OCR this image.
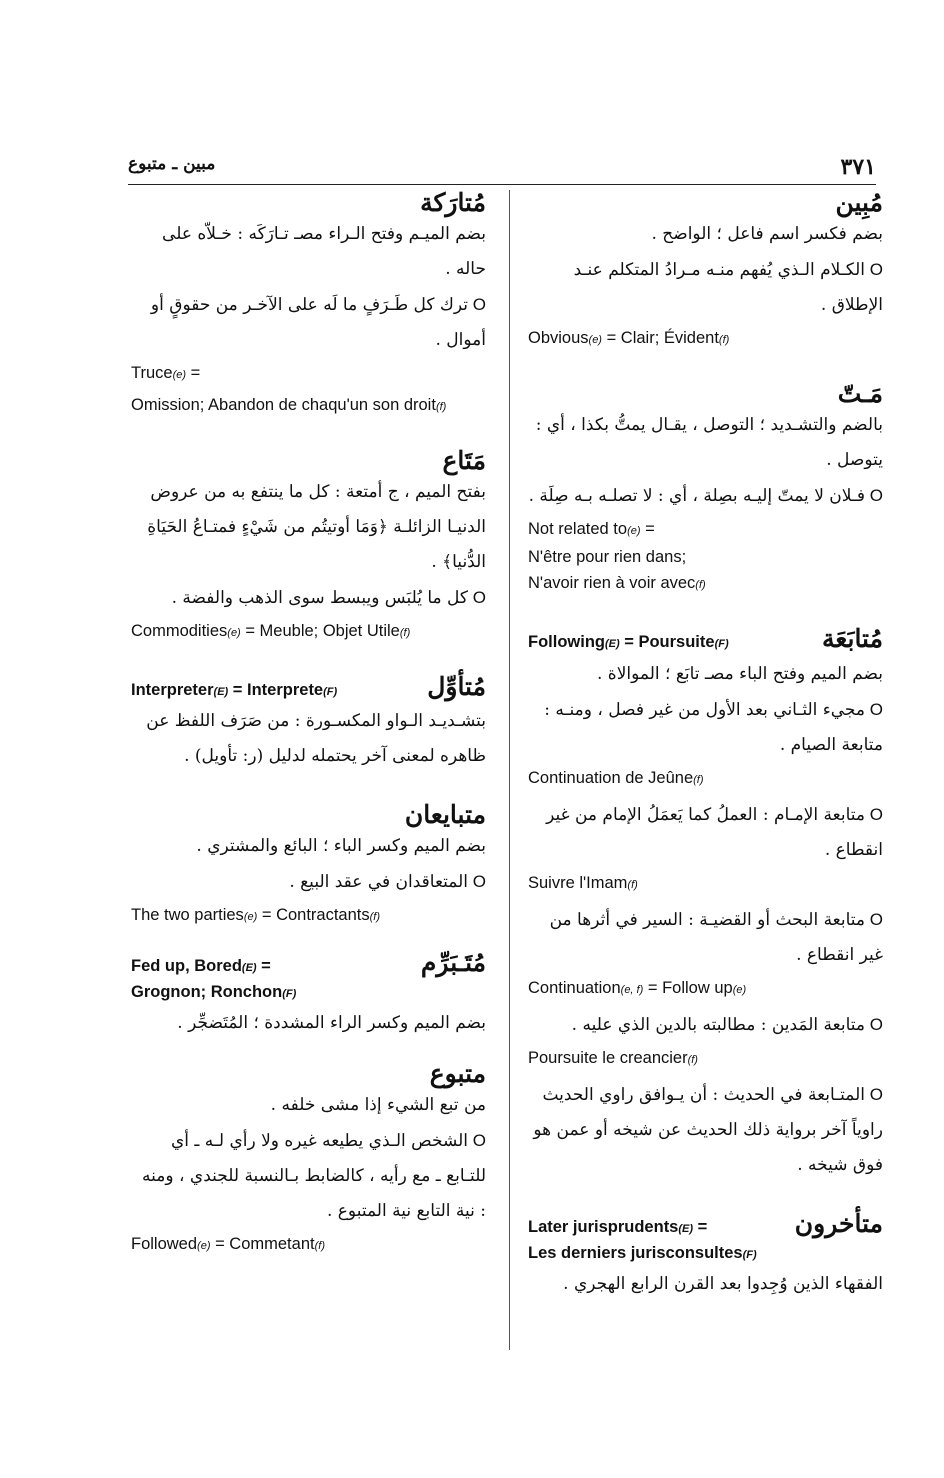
٣٧١
مبين ـ متبوع
مُبِين
بضم فكسر اسم فاعل ؛ الواضح .
O الكـلام الـذي يُفهم منـه مـرادُ المتكلم عنـد الإطلاق .
Obvious(e) = Clair; Évident(f)
مَـتّ
بالضم والتشـديد ؛ التوصل ، يقـال يمتُّ بكذا ، أي : يتوصل .
O فـلان لا يمتّ إليـه بصِلة ، أي : لا تصلـه بـه صِلَة .
Not related to(e) =
N'être pour rien dans;
N'avoir rien à voir avec(f)
مُتابَعَة
Following(E) = Poursuite(F)
بضم الميم وفتح الباء مصـ تابَع ؛ الموالاة .
O مجيء الثـاني بعد الأول من غير فصل ، ومنـه : متابعة الصيام .
Continuation de Jeûne(f)
O متابعة الإمـام : العملُ كما يَعمَلُ الإمام من غير انقطاع .
Suivre l'Imam(f)
O متابعة البحث أو القضيـة : السير في أثرها من غير انقطاع .
Continuation(e, f) = Follow up(e)
O متابعة المَدين : مطالبته بالدين الذي عليه .
Poursuite le creancier(f)
O المتـابعة في الحديث : أن يـوافق راوي الحديث راوياً آخر برواية ذلك الحديث عن شيخه أو عمن هو فوق شيخه .
متأخرون
Later jurisprudents(E) =
Les derniers jurisconsultes(F)
الفقهاء الذين وُجِدوا بعد القرن الرابع الهجري .
مُتارَكة
بضم الميـم وفتح الـراء مصـ تـارَكَه : خـلاّه على حاله .
O ترك كل طَـرَفٍ ما لَه على الآخـر من حقوقٍ أو أموال .
Truce(e) =
Omission; Abandon de chaqu'un son droit(f)
مَتَاع
بفتح الميم ، ج أمتعة : كل ما ينتفع به من عروض الدنيـا الزائلـة ﴿وَمَا أوتيتُم من شَيْءٍ فمتـاعُ الحَيَاةِ الدُّنيا﴾ .
O كل ما يُلبَس ويبسط سوى الذهب والفضة .
Commodities(e) = Meuble; Objet Utile(f)
مُتأوِّل
Interpreter(E) = Interprete(F)
بتشـديـد الـواو المكسـورة : من صَرَف اللفظ عن ظاهره لمعنى آخر يحتمله لدليل (ر: تأويل) .
متبايعان
بضم الميم وكسر الباء ؛ البائع والمشتري .
O المتعاقدان في عقد البيع .
The two parties(e) = Contractants(f)
مُتَـبَرِّم
Fed up, Bored(E) =
Grognon; Ronchon(F)
بضم الميم وكسر الراء المشددة ؛ المُتَضجِّر .
متبوع
من تبع الشيء إذا مشى خلفه .
O الشخص الـذي يطيعه غيره ولا رأي لـه ـ أي للتـابع ـ مع رأيه ، كالضابط بـالنسبة للجندي ، ومنه : نية التابع نية المتبوع .
Followed(e) = Commetant(f)
